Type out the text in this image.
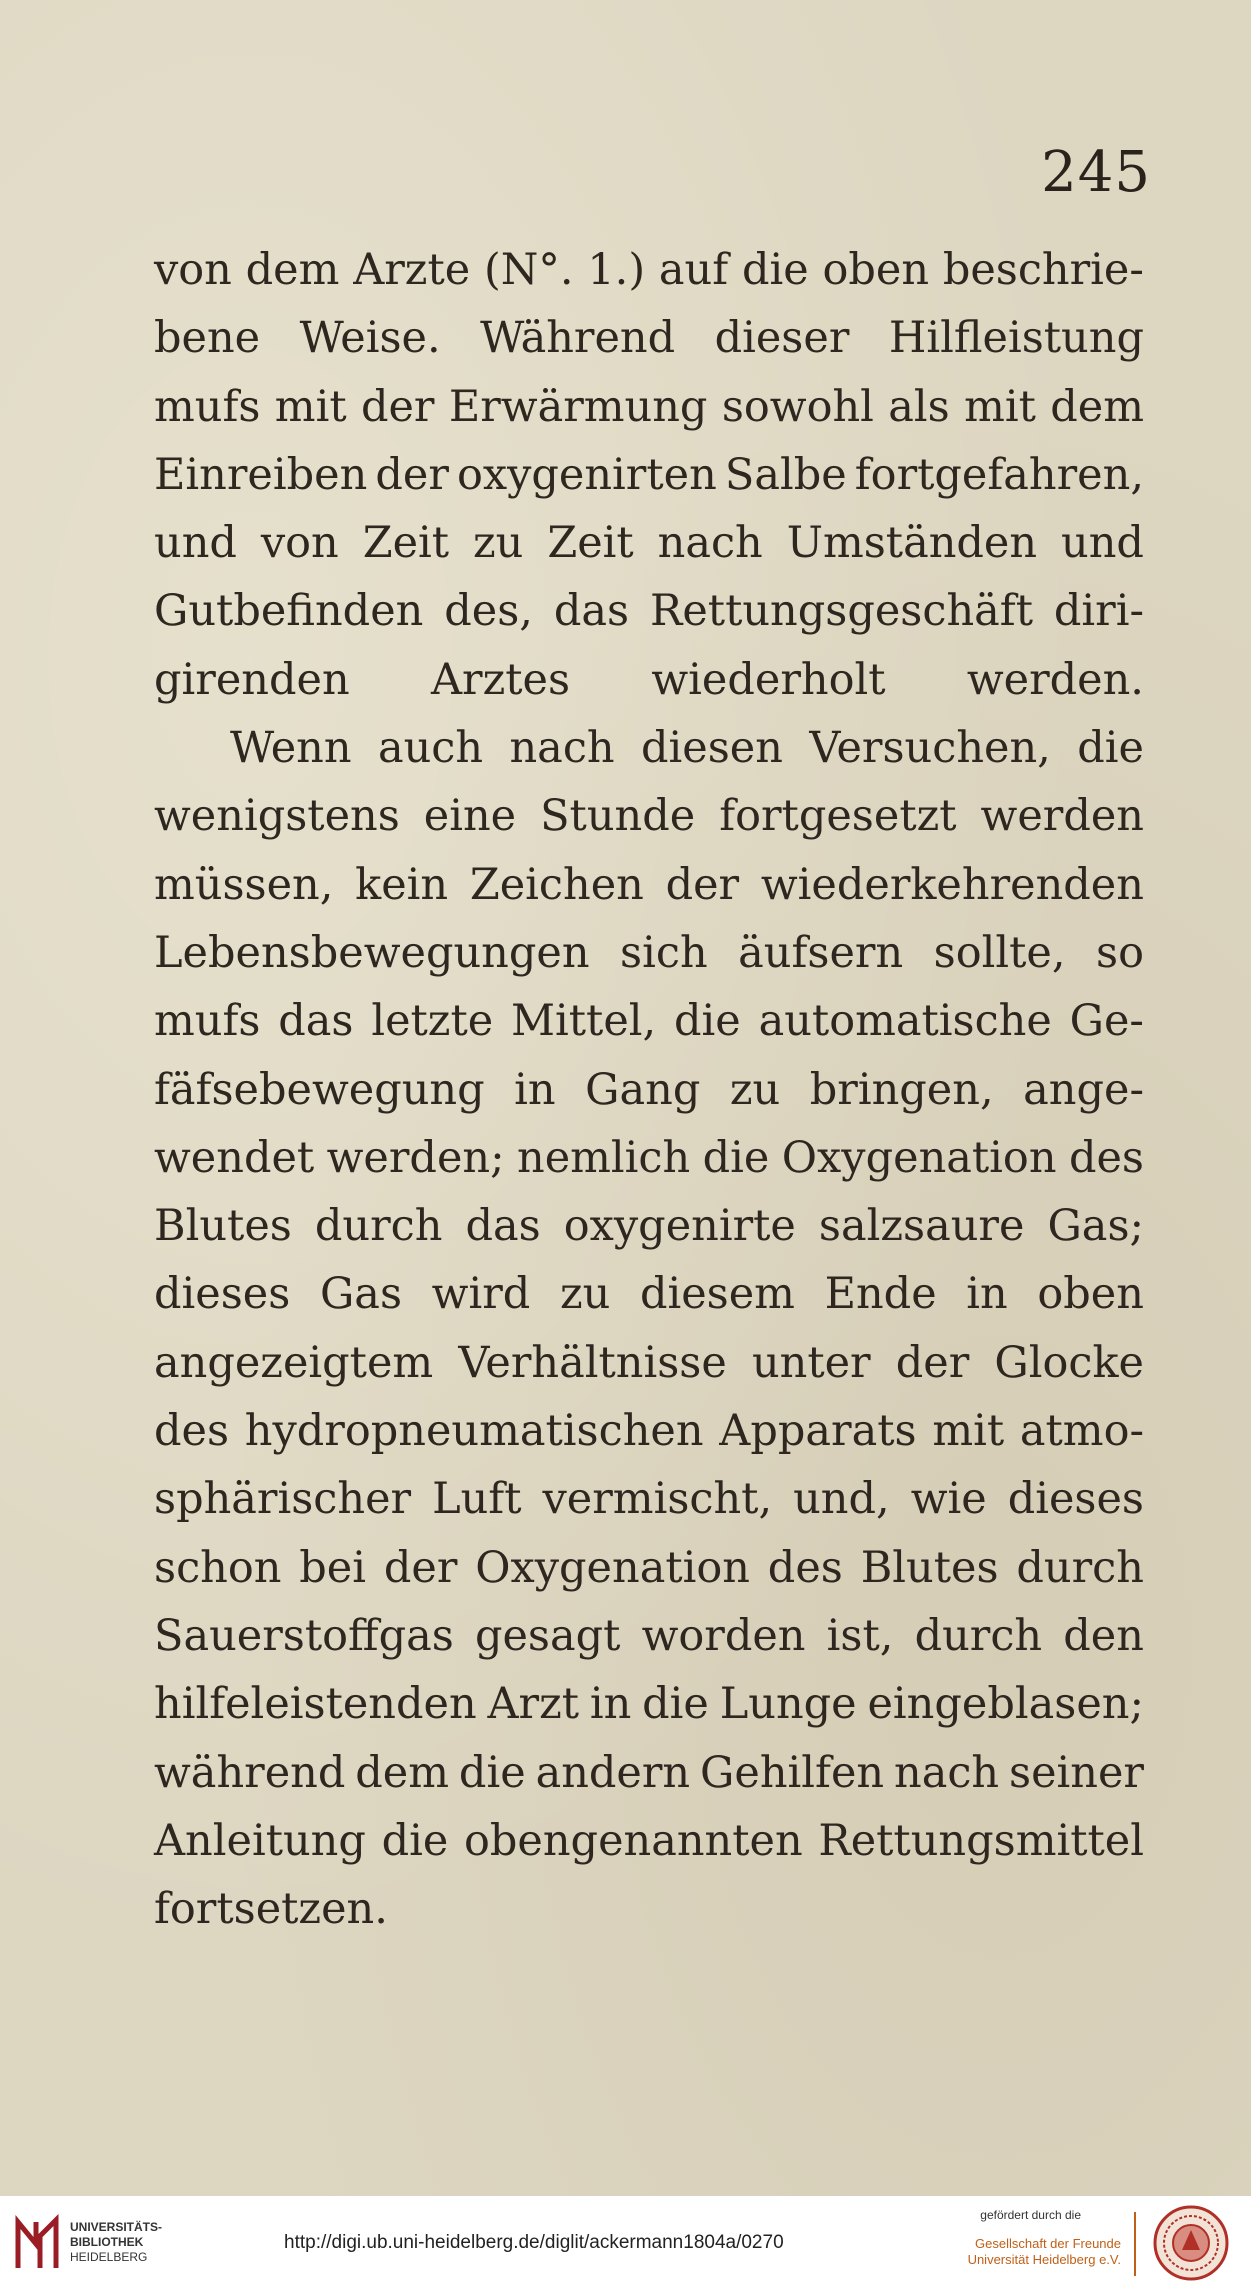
245
von dem Arzte (N°. 1.) auf die oben beschrie-
bene Weise. Während dieser Hilfleistung
mufs mit der Erwärmung sowohl als mit dem
Einreiben der oxygenirten Salbe fortgefahren,
und von Zeit zu Zeit nach Umständen und
Gutbefinden des, das Rettungsgeschäft diri-
girenden Arztes wiederholt werden.
Wenn auch nach diesen Versuchen, die
wenigstens eine Stunde fortgesetzt werden
müssen, kein Zeichen der wiederkehrenden
Lebensbewegungen sich äufsern sollte, so
mufs das letzte Mittel, die automatische Ge-
fäfsebewegung in Gang zu bringen, ange-
wendet werden; nemlich die Oxygenation des
Blutes durch das oxygenirte salzsaure Gas;
dieses Gas wird zu diesem Ende in oben
angezeigtem Verhältnisse unter der Glocke
des hydropneumatischen Apparats mit atmo-
sphärischer Luft vermischt, und, wie dieses
schon bei der Oxygenation des Blutes durch
Sauerstoffgas gesagt worden ist, durch den
hilfeleistenden Arzt in die Lunge eingeblasen;
während dem die andern Gehilfen nach seiner
Anleitung die obengenannten Rettungsmittel
fortsetzen.
UNIVERSITÄTS-
BIBLIOTHEK
HEIDELBERG
http://digi.ub.uni-heidelberg.de/diglit/ackermann1804a/0270
gefördert durch die
Gesellschaft der Freunde
Universität Heidelberg e.V.
